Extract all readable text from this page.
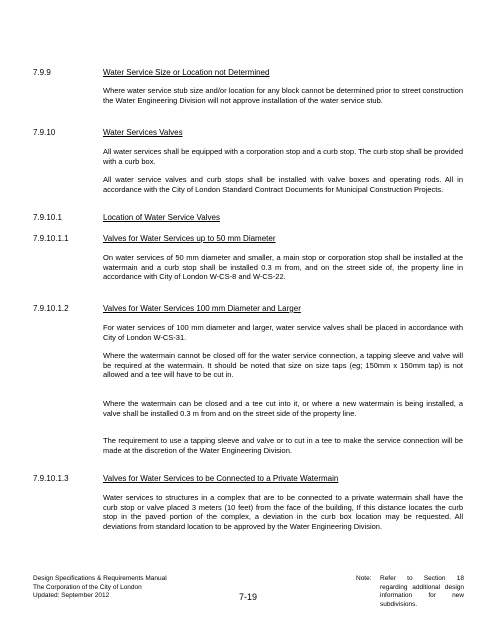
7.9.9	Water Service Size or Location not Determined

Where water service stub size and/or location for any block cannot be determined prior to street construction the Water Engineering Division will not approve installation of the water service stub.

7.9.10	Water Services Valves

All water services shall be equipped with a corporation stop and a curb stop. The curb stop shall be provided with a curb box.

All water service valves and curb stops shall be installed with valve boxes and operating rods. All in accordance with the City of London Standard Contract Documents for Municipal Construction Projects.

7.9.10.1	Location of Water Service Valves
7.9.10.1.1	Valves for Water Services up to 50 mm Diameter

On water services of 50 mm diameter and smaller, a main stop or corporation stop shall be installed at the watermain and a curb stop shall be installed 0.3 m from, and on the street side of, the property line in accordance with City of London W-CS-8 and W-CS-22.

7.9.10.1.2	Valves for Water Services 100 mm Diameter and Larger

For water services of 100 mm diameter and larger, water service valves shall be placed in accordance with City of London W-CS-31.

Where the watermain cannot be closed off for the water service connection, a tapping sleeve and valve will be required at the watermain. It should be noted that size on size taps (eg; 150mm x 150mm tap) is not allowed and a tee will have to be cut in.

Where the watermain can be closed and a tee cut into it, or where a new watermain is being installed, a valve shall be installed 0.3 m from and on the street side of the property line.

The requirement to use a tapping sleeve and valve or to cut in a tee to make the service connection will be made at the discretion of the Water Engineering Division.

7.9.10.1.3	Valves for Water Services to be Connected to a Private Watermain

Water services to structures in a complex that are to be connected to a private watermain shall have the curb stop or valve placed 3 meters (10 feet) from the face of the building, If this distance locates the curb stop in the paved portion of the complex, a deviation in the curb box location may be requested. All deviations from standard location to be approved by the Water Engineering Division.

Design Specifications & Requirements Manual
The Corporation of the City of London
Updated: September 2012	7-19
Note:	Refer to Section 18 regarding additional design information for new subdivisions.
